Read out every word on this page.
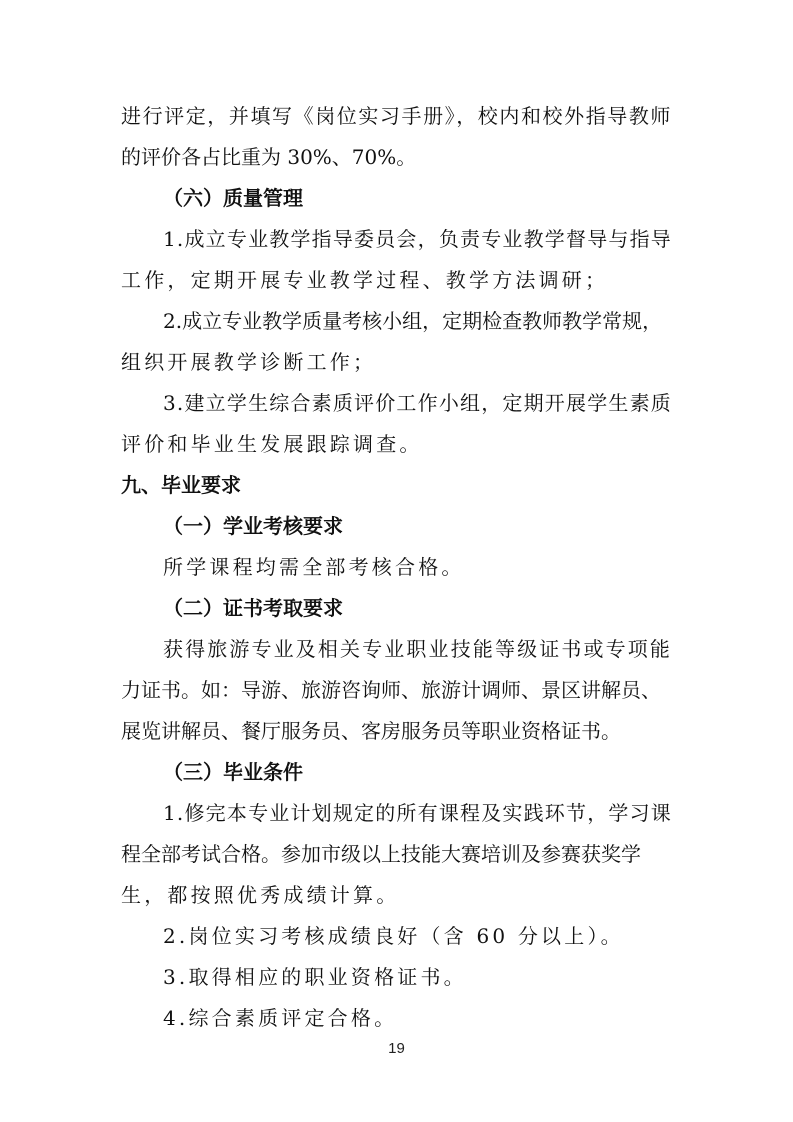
进行评定，并填写《岗位实习手册》，校内和校外指导教师
的评价各占比重为 30%、70%。
（六）质量管理
1.成立专业教学指导委员会，负责专业教学督导与指导
工作，定期开展专业教学过程、教学方法调研；
2.成立专业教学质量考核小组，定期检查教师教学常规，
组织开展教学诊断工作；
3.建立学生综合素质评价工作小组，定期开展学生素质
评价和毕业生发展跟踪调查。
九、毕业要求
（一）学业考核要求
所学课程均需全部考核合格。
（二）证书考取要求
获得旅游专业及相关专业职业技能等级证书或专项能
力证书。如：导游、旅游咨询师、旅游计调师、景区讲解员、
展览讲解员、餐厅服务员、客房服务员等职业资格证书。
（三）毕业条件
1.修完本专业计划规定的所有课程及实践环节，学习课
程全部考试合格。参加市级以上技能大赛培训及参赛获奖学
生，都按照优秀成绩计算。
2.岗位实习考核成绩良好（含 60 分以上）。
3.取得相应的职业资格证书。
4.综合素质评定合格。
19
